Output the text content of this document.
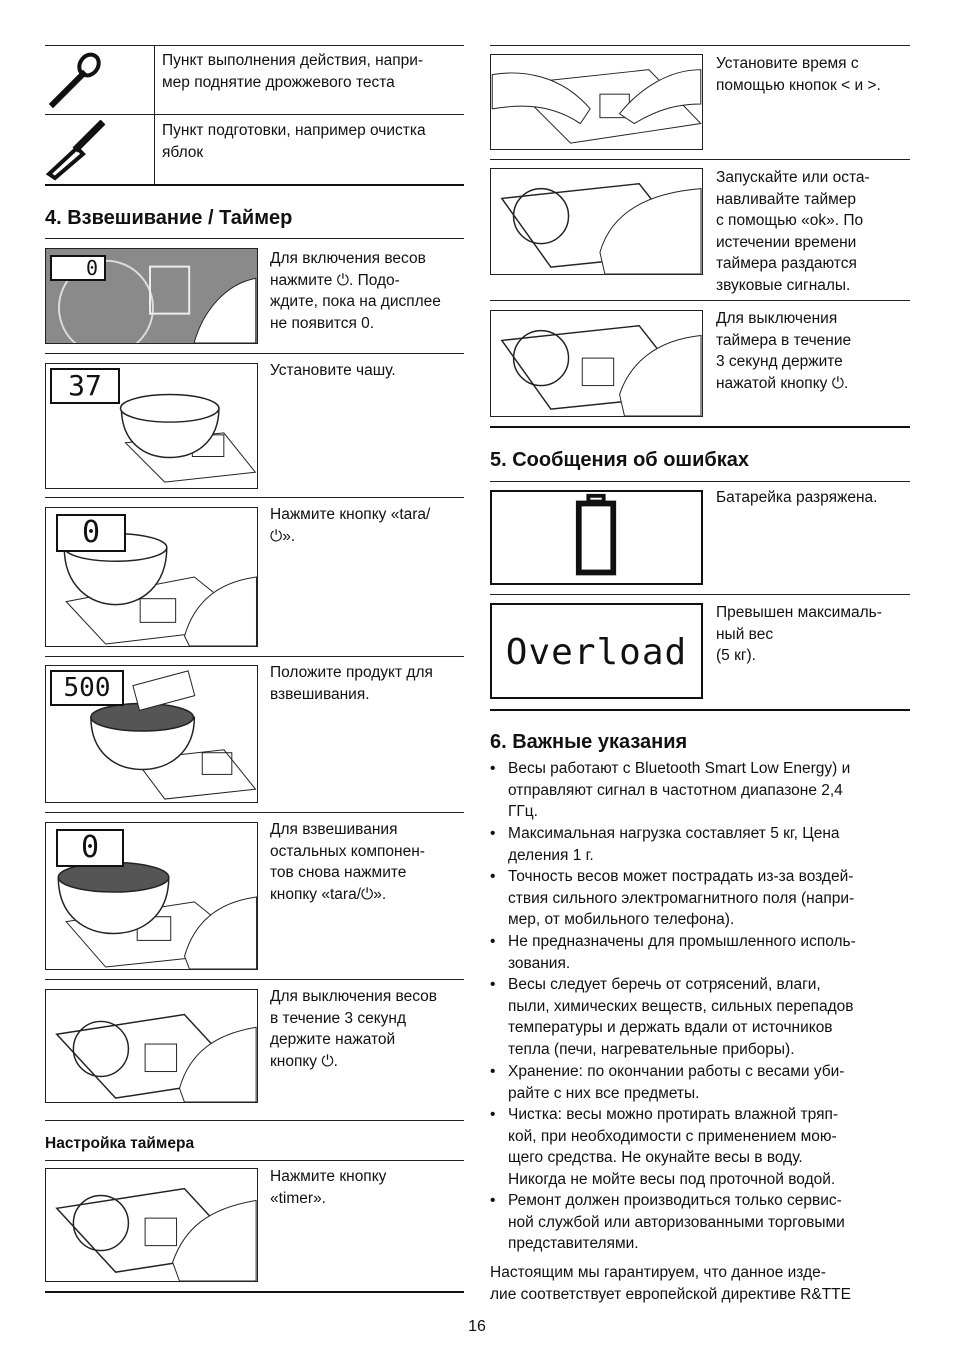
Пункт выполнения действия, напри-
мер поднятие дрожжевого теста
Пункт подготовки, например очистка
яблок
4. Взвешивание / Таймер
0	Для включения весов
нажмите ⏻. Подо-
ждите, пока на дисплее
не появится 0.
37	Установите чашу.
0
Нажмите кнопку «tara/
⏻».
500
Положите продукт для
взвешивания.
0
Для взвешивания
остальных компонен-
тов снова нажмите
кнопку «tara/⏻».
Для выключения весов
в течение 3 секунд
держите нажатой
кнопку ⏻.
Настройка таймера
Нажмите кнопку
«timer».
Установите время с
помощью кнопок < и >.
Запускайте или оста-
навливайте таймер
с помощью «ok». По
истечении времени
таймера раздаются
звуковые сигналы.
Для выключения
таймера в течение
3 секунд держите
нажатой кнопку ⏻.
5. Сообщения об ошибках
Батарейка разряжена.
Overload
Превышен максималь-
ный вес
(5 кг).
6. Важные указания
• Весы работают с Bluetooth Smart Low Energy) и
отправляют сигнал в частотном диапазоне 2,4
ГГц.
• Максимальная нагрузка составляет 5 кг, Цена
деления 1 г.
• Точность весов может пострадать из-за воздей-
ствия сильного электромагнитного поля (напри-
мер, от мобильного телефона).
• Не предназначены для промышленного исполь-
зования.
• Весы следует беречь от сотрясений, влаги,
пыли, химических веществ, сильных перепадов
температуры и держать вдали от источников
тепла (печи, нагревательные приборы).
• Хранение: по окончании работы с весами уби-
райте с них все предметы.
• Чистка: весы можно протирать влажной тряп-
кой, при необходимости с применением мою-
щего средства. Не окунайте весы в воду.
Никогда не мойте весы под проточной водой.
• Ремонт должен производиться только сервис-
ной службой или авторизованными торговыми
представителями.
Настоящим мы гарантируем, что данное изде-
лие соответствует европейской директиве R&TTE
16
